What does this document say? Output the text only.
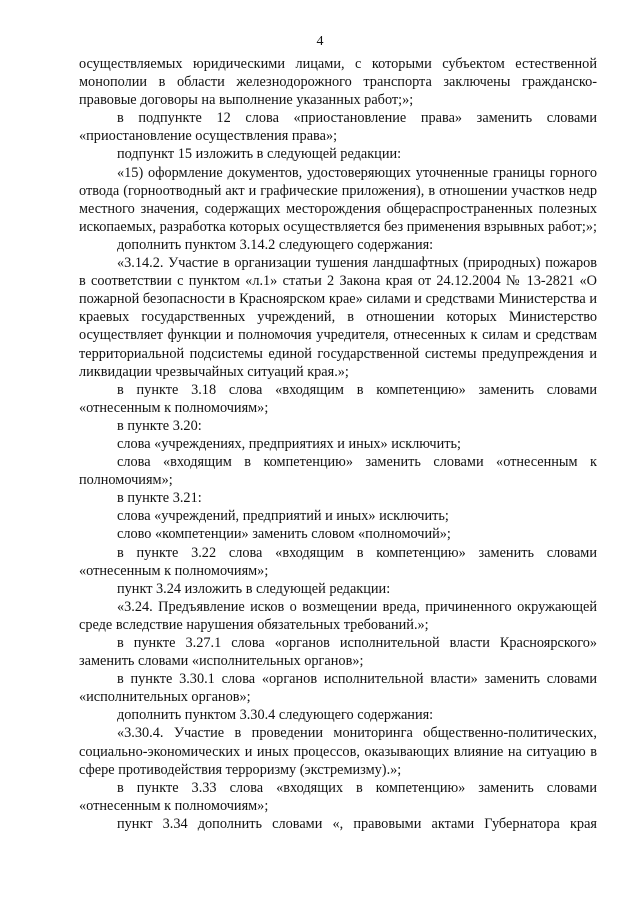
4

осуществляемых юридическими лицами, с которыми субъектом естественной монополии в области железнодорожного транспорта заключены гражданско-правовые договоры на выполнение указанных работ;»;

в подпункте 12 слова «приостановление права» заменить словами «приостановление осуществления права»;

подпункт 15 изложить в следующей редакции:

«15) оформление документов, удостоверяющих уточненные границы горного отвода (горноотводный акт и графические приложения), в отношении участков недр местного значения, содержащих месторождения общераспространенных полезных ископаемых, разработка которых осуществляется без применения взрывных работ;»;

дополнить пунктом 3.14.2 следующего содержания:

«3.14.2. Участие в организации тушения ландшафтных (природных) пожаров в соответствии с пунктом «л.1» статьи 2 Закона края от 24.12.2004 № 13-2821 «О пожарной безопасности в Красноярском крае» силами и средствами Министерства и краевых государственных учреждений, в отношении которых Министерство осуществляет функции и полномочия учредителя, отнесенных к силам и средствам территориальной подсистемы единой государственной системы предупреждения и ликвидации чрезвычайных ситуаций края.»;

в пункте 3.18 слова «входящим в компетенцию» заменить словами «отнесенным к полномочиям»;

в пункте 3.20:

слова «учреждениях, предприятиях и иных» исключить;

слова «входящим в компетенцию» заменить словами «отнесенным к полномочиям»;

в пункте 3.21:

слова «учреждений, предприятий и иных» исключить;

слово «компетенции» заменить словом «полномочий»;

в пункте 3.22 слова «входящим в компетенцию» заменить словами «отнесенным к полномочиям»;

пункт 3.24 изложить в следующей редакции:

«3.24. Предъявление исков о возмещении вреда, причиненного окружающей среде вследствие нарушения обязательных требований.»;

в пункте 3.27.1 слова «органов исполнительной власти Красноярского» заменить словами «исполнительных органов»;

в пункте 3.30.1 слова «органов исполнительной власти» заменить словами «исполнительных органов»;

дополнить пунктом 3.30.4 следующего содержания:

«3.30.4. Участие в проведении мониторинга общественно-политических, социально-экономических и иных процессов, оказывающих влияние на ситуацию в сфере противодействия терроризму (экстремизму).»;

в пункте 3.33 слова «входящих в компетенцию» заменить словами «отнесенным к полномочиям»;

пункт 3.34 дополнить словами «, правовыми актами Губернатора края
